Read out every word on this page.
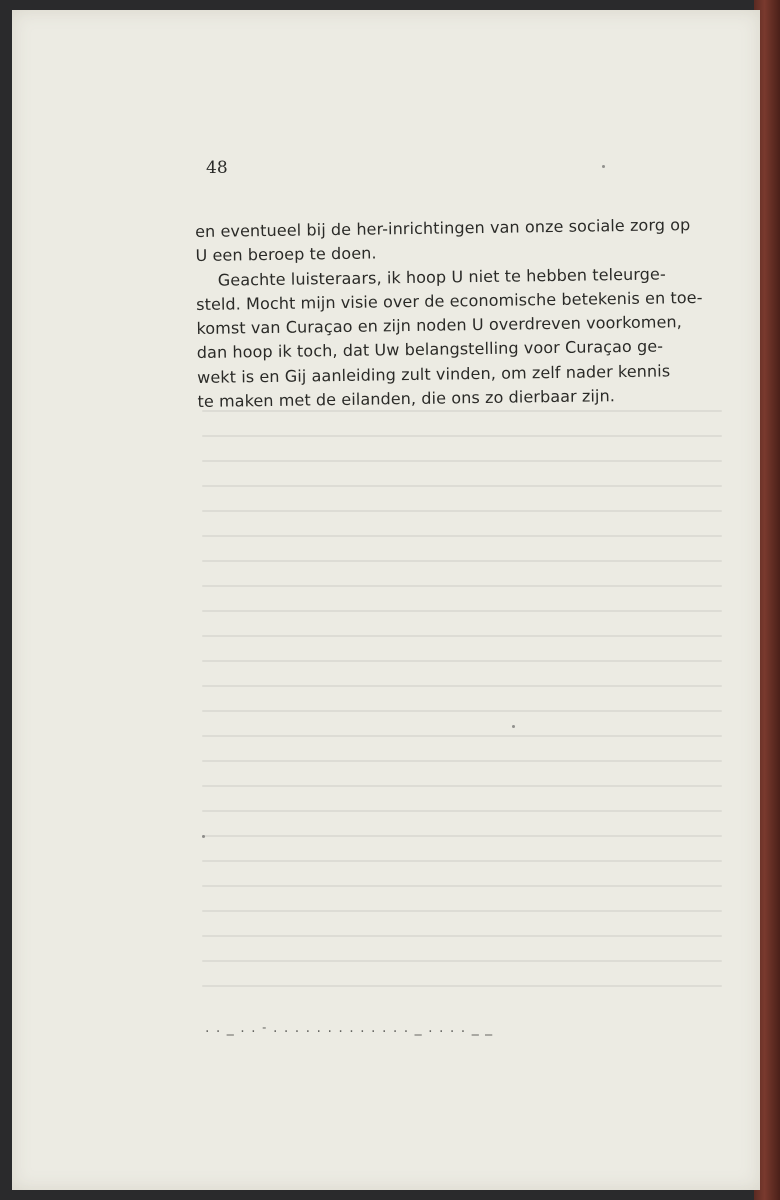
48
en eventueel bij de her-inrichtingen van onze sociale zorg op
U een beroep te doen.
Geachte luisteraars, ik hoop U niet te hebben teleurge-
steld. Mocht mijn visie over de economische betekenis en toe-
komst van Curaçao en zijn noden U overdreven voorkomen,
dan hoop ik toch, dat Uw belangstelling voor Curaçao ge-
wekt is en Gij aanleiding zult vinden, om zelf nader kennis
te maken met de eilanden, die ons zo dierbaar zijn.
. . _ . . ˗ . . . . . . . . . . . . . _ . . . . _ _
